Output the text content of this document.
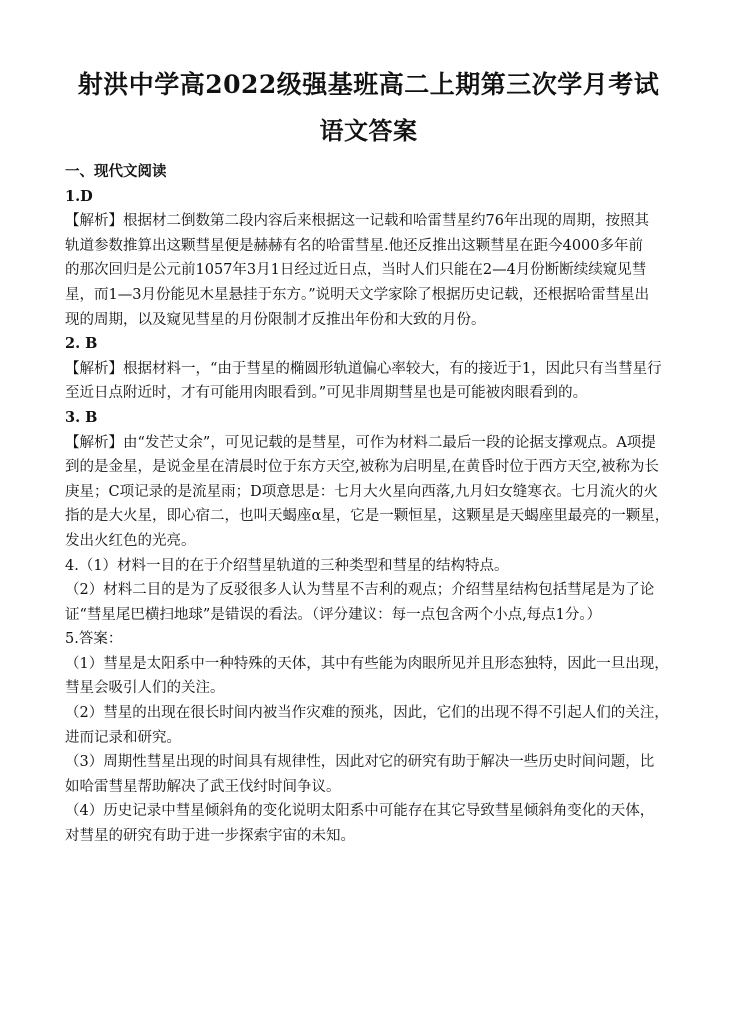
射洪中学高2022级强基班高二上期第三次学月考试
语文答案
一、现代文阅读
1.D
【解析】根据材二倒数第二段内容后来根据这一记载和哈雷彗星约76年出现的周期，按照其
轨道参数推算出这颗彗星便是赫赫有名的哈雷彗星.他还反推出这颗彗星在距今4000多年前
的那次回归是公元前1057年3月1日经过近日点，当时人们只能在2—4月份断断续续窥见彗
星，而1—3月份能见木星悬挂于东方。”说明天文学家除了根据历史记载，还根据哈雷彗星出
现的周期，以及窥见彗星的月份限制才反推出年份和大致的月份。
2. B
【解析】根据材料一，“由于彗星的椭圆形轨道偏心率较大，有的接近于1，因此只有当彗星行
至近日点附近时，才有可能用肉眼看到。”可见非周期彗星也是可能被肉眼看到的。
3. B
【解析】由“发芒丈余”，可见记载的是彗星，可作为材料二最后一段的论据支撑观点。A项提
到的是金星，是说金星在清晨时位于东方天空,被称为启明星,在黄昏时位于西方天空,被称为长
庚星；C项记录的是流星雨；D项意思是：七月大火星向西落,九月妇女缝寒衣。七月流火的火
指的是大火星，即心宿二，也叫天蝎座α星，它是一颗恒星，这颗星是天蝎座里最亮的一颗星，
发出火红色的光亮。
4.（1）材料一目的在于介绍彗星轨道的三种类型和彗星的结构特点。
（2）材料二目的是为了反驳很多人认为彗星不吉利的观点；介绍彗星结构包括彗尾是为了论
证“彗星尾巴横扫地球”是错误的看法。（评分建议：每一点包含两个小点,每点1分。）
5.答案：
（1）彗星是太阳系中一种特殊的天体，其中有些能为肉眼所见并且形态独特，因此一旦出现，
彗星会吸引人们的关注。
（2）彗星的出现在很长时间内被当作灾难的预兆，因此，它们的出现不得不引起人们的关注，
进而记录和研究。
（3）周期性彗星出现的时间具有规律性，因此对它的研究有助于解决一些历史时间问题，比
如哈雷彗星帮助解决了武王伐纣时间争议。
（4）历史记录中彗星倾斜角的变化说明太阳系中可能存在其它导致彗星倾斜角变化的天体，
对彗星的研究有助于进一步探索宇宙的未知。
